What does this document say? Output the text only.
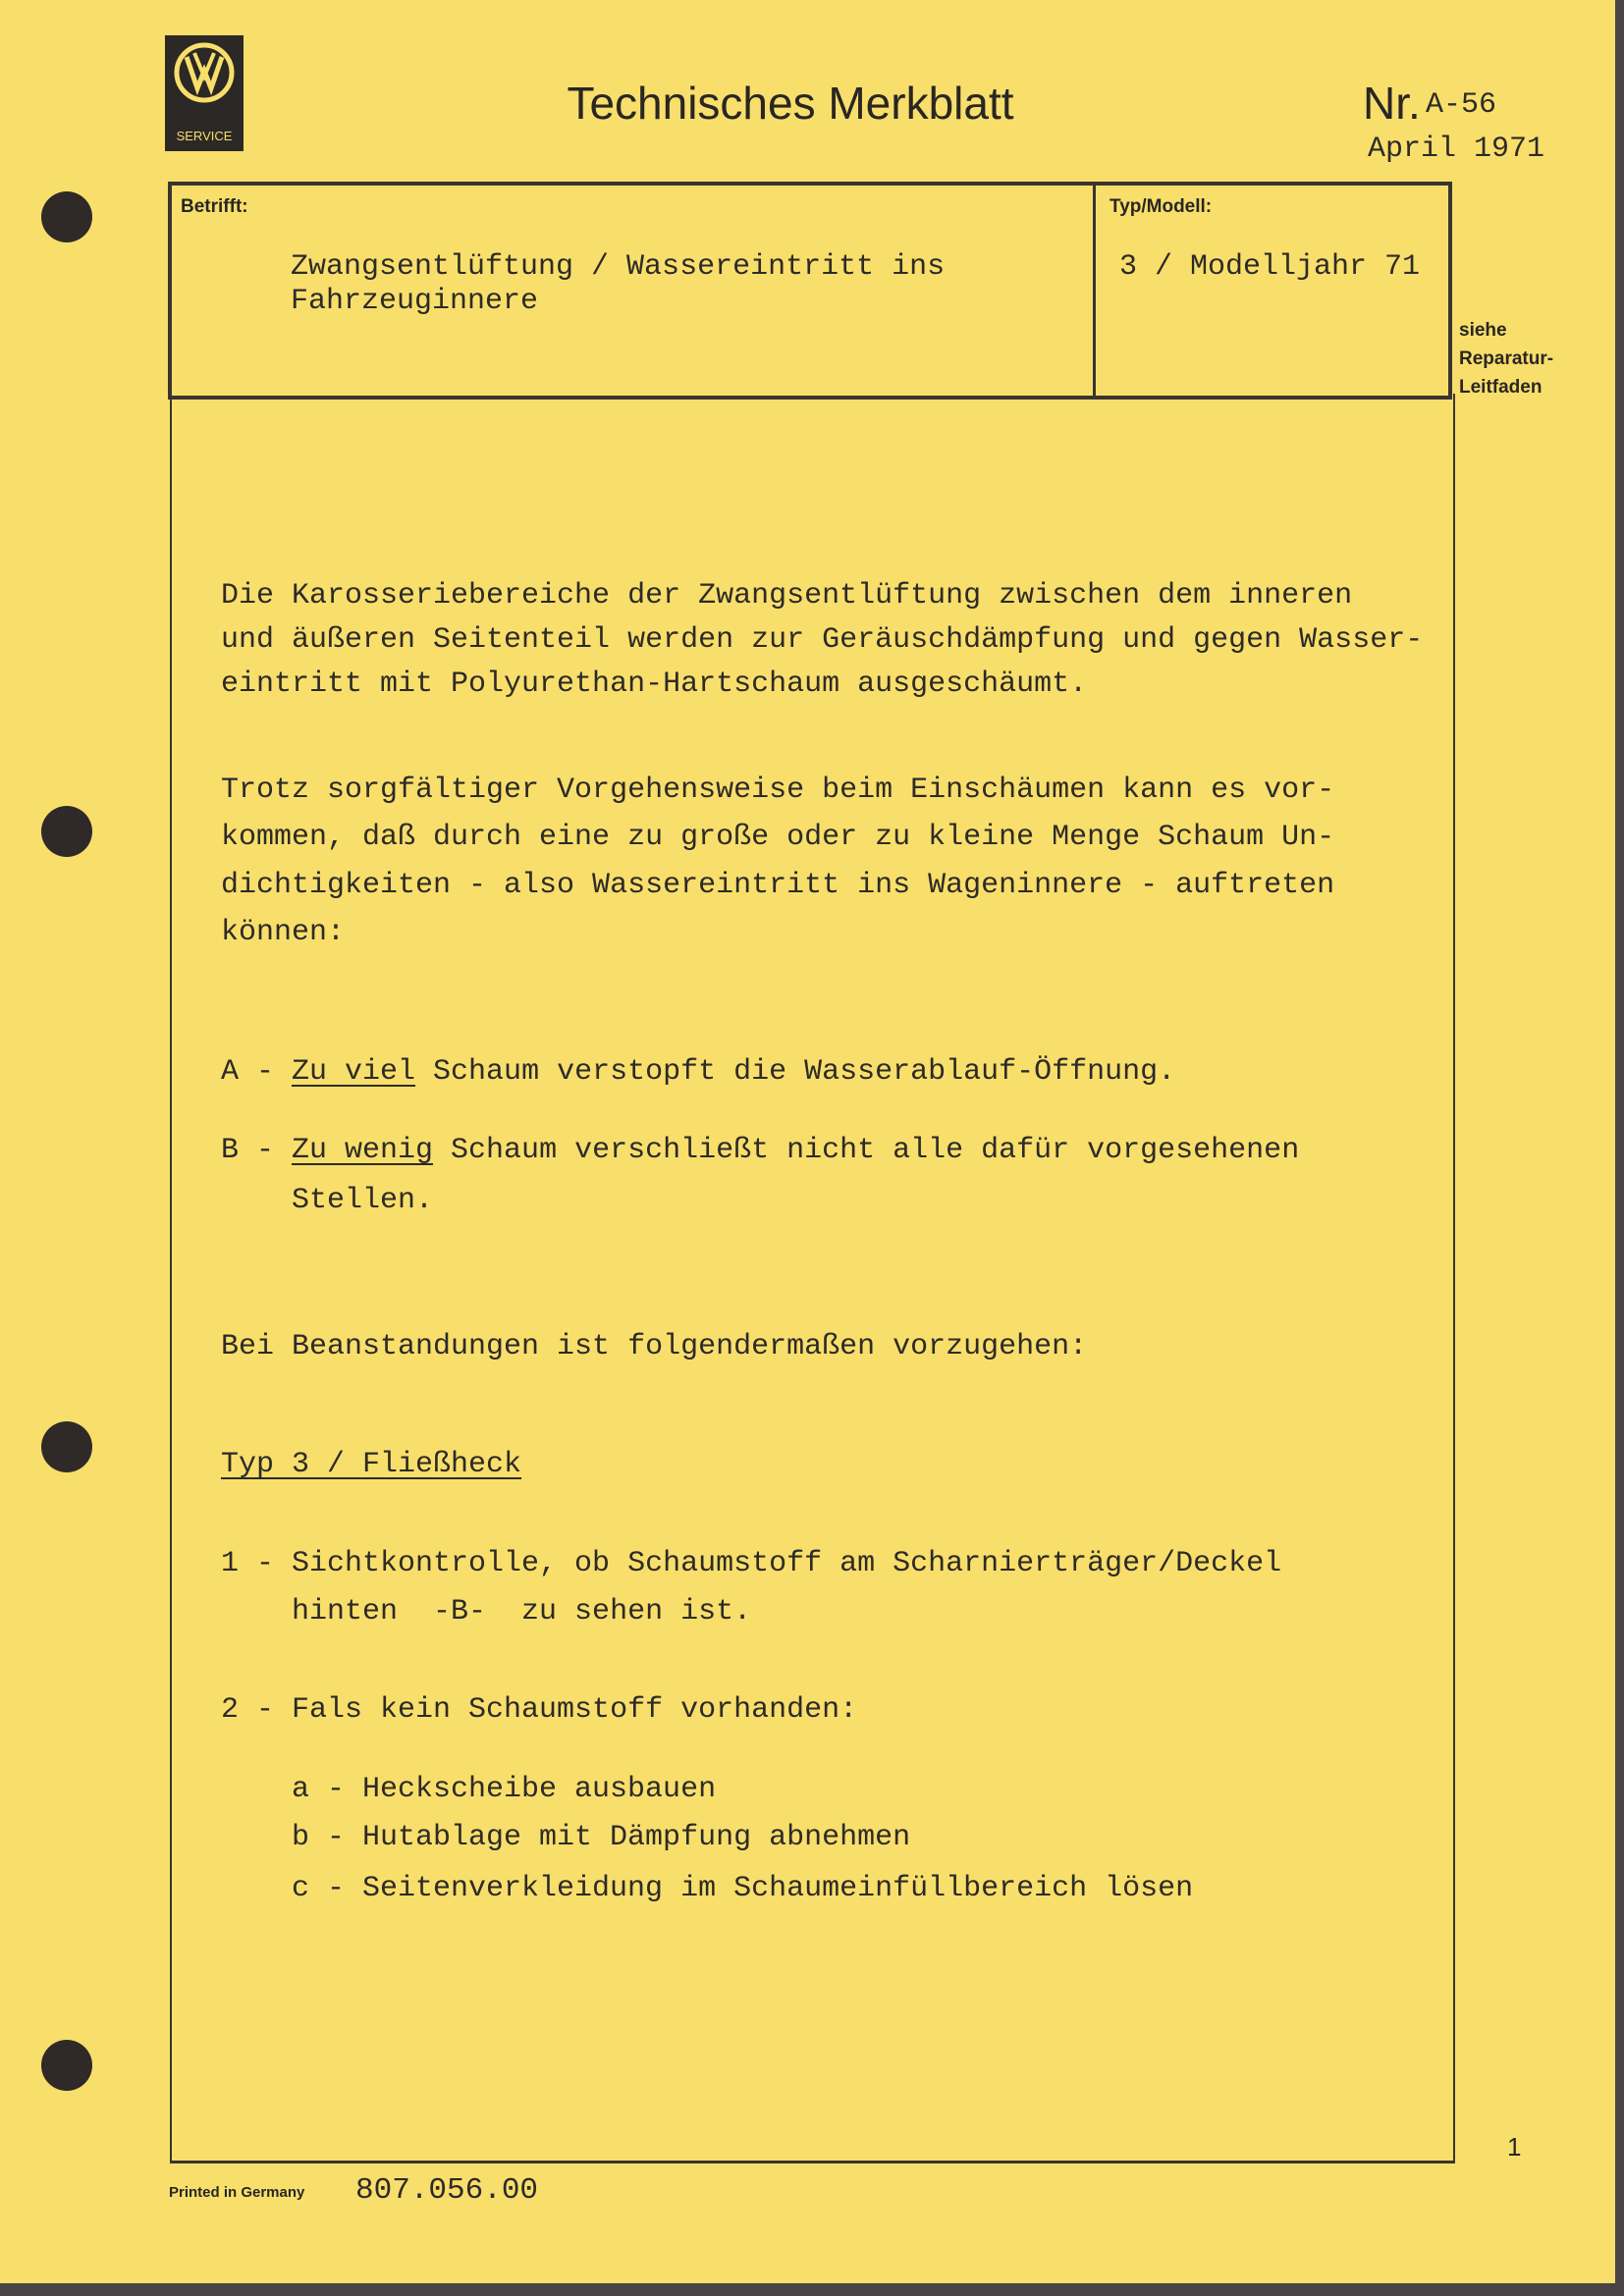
SERVICE
Technisches Merkblatt	Nr. A-56
April 1971
Betrifft:
Zwangsentlüftung / Wassereintritt ins
Fahrzeuginnere
Typ/Modell:
3 / Modelljahr 71
siehe
Reparatur-
Leitfaden
Die Karosseriebereiche der Zwangsentlüftung zwischen dem inneren
und äußeren Seitenteil werden zur Geräuschdämpfung und gegen Wasser-
eintritt mit Polyurethan-Hartschaum ausgeschäumt.
Trotz sorgfältiger Vorgehensweise beim Einschäumen kann es vor-
kommen, daß durch eine zu große oder zu kleine Menge Schaum Un-
dichtigkeiten - also Wassereintritt ins Wageninnere - auftreten
können:
A - Zu viel Schaum verstopft die Wasserablauf-Öffnung.
B - Zu wenig Schaum verschließt nicht alle dafür vorgesehenen
Stellen.
Bei Beanstandungen ist folgendermaßen vorzugehen:
Typ 3 / Fließheck
1 - Sichtkontrolle, ob Schaumstoff am Scharnierträger/Deckel
hinten  -B-  zu sehen ist.
2 - Fals kein Schaumstoff vorhanden:
a - Heckscheibe ausbauen
b - Hutablage mit Dämpfung abnehmen
c - Seitenverkleidung im Schaumeinfüllbereich lösen
1
Printed in Germany 807.056.00
